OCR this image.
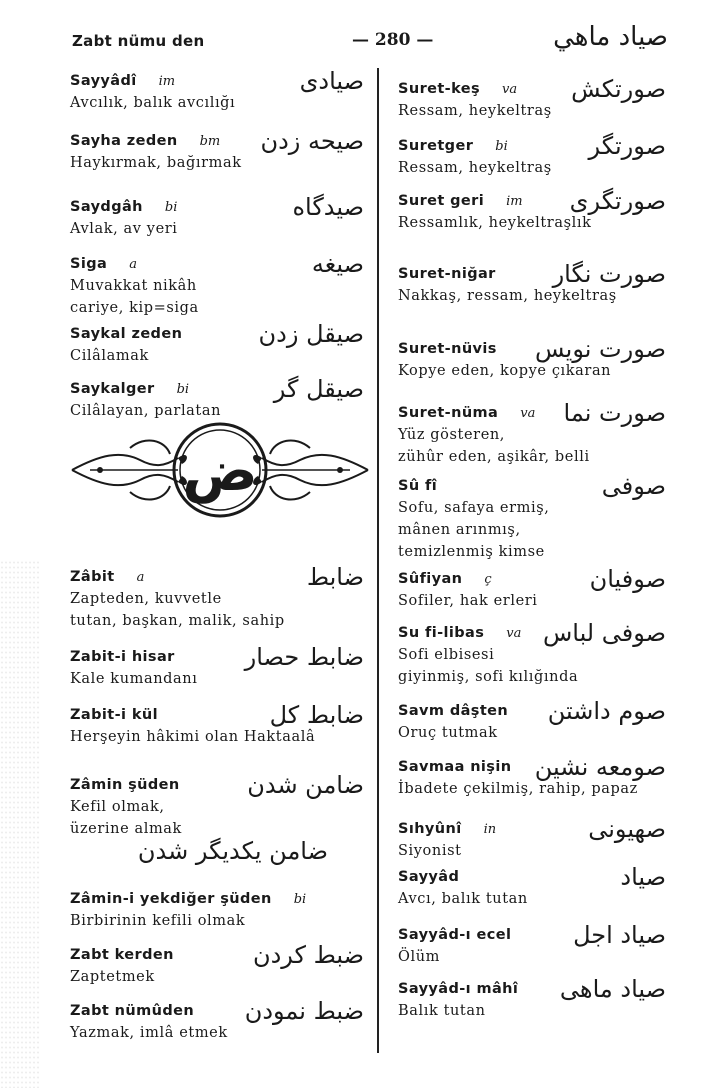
Zabt nümu den	— 280 —	صياد ماهي
Sayyâdî im	صيادى
Avcılık, balık avcılığı
Sayha zeden bm صيحه زدن
Haykırmak, bağırmak
Saydgâh bi	صيدگاه
Avlak, av yeri
Siga a	صيغه
Muvakkat nikâh
cariye, kip=siga
Saykal zeden	صيقل زدن
Cilâlamak
Saykalger bi	صيقل گر
Cilâlayan, parlatan
Zâbit a	ضابط
Zapteden, kuvvetle
tutan, başkan, malik, sahip
Zabit-i hisar	ضابط حصار
Kale kumandanı
Zabit-i kül	ضابط كل
Herşeyin hâkimi olan Haktaalâ
Zâmin şüden	ضامن شدن
Kefil olmak,
üzerine almak
ضامن يكديگر شدن
Zâmin-i yekdiğer şüden bi
Birbirinin kefili olmak
Zabt kerden	ضبط كردن
Zaptetmek
Zabt nümûden ضبط نمودن
Yazmak, imlâ etmek
Suret-keş va صورتكش
Ressam, heykeltraş
Suretger bi	صورتگر
Ressam, heykeltraş
Suret geri im صورتگرى
Ressamlık, heykeltraşlık
Suret-niğar صورت نگار
Nakkaş, ressam, heykeltraş
Suret-nüvis صورت نويس
Kopye eden, kopye çıkaran
Suret-nüma va صورت نما
Yüz gösteren,
zühûr eden, aşikâr, belli
Sû fî	صوفى
Sofu, safaya ermiş,
mânen arınmış,
temizlenmiş kimse
Sûfiyan ç	صوفيان
Sofiler, hak erleri
Su fi-libas va صوفى لباس
Sofi elbisesi
giyinmiş, sofi kılığında
Savm dâşten صوم داشتن
Oruç tutmak
Savmaa nişin صومعه نشين
İbadete çekilmiş, rahip, papaz
Sıhyûnî in	صهيونى
Siyonist
Sayyâd	صياد
Avcı, balık tutan
Sayyâd-ı ecel	صياد اجل
Ölüm
Sayyâd-ı mâhî صياد ماهى
Balık tutan
ض
